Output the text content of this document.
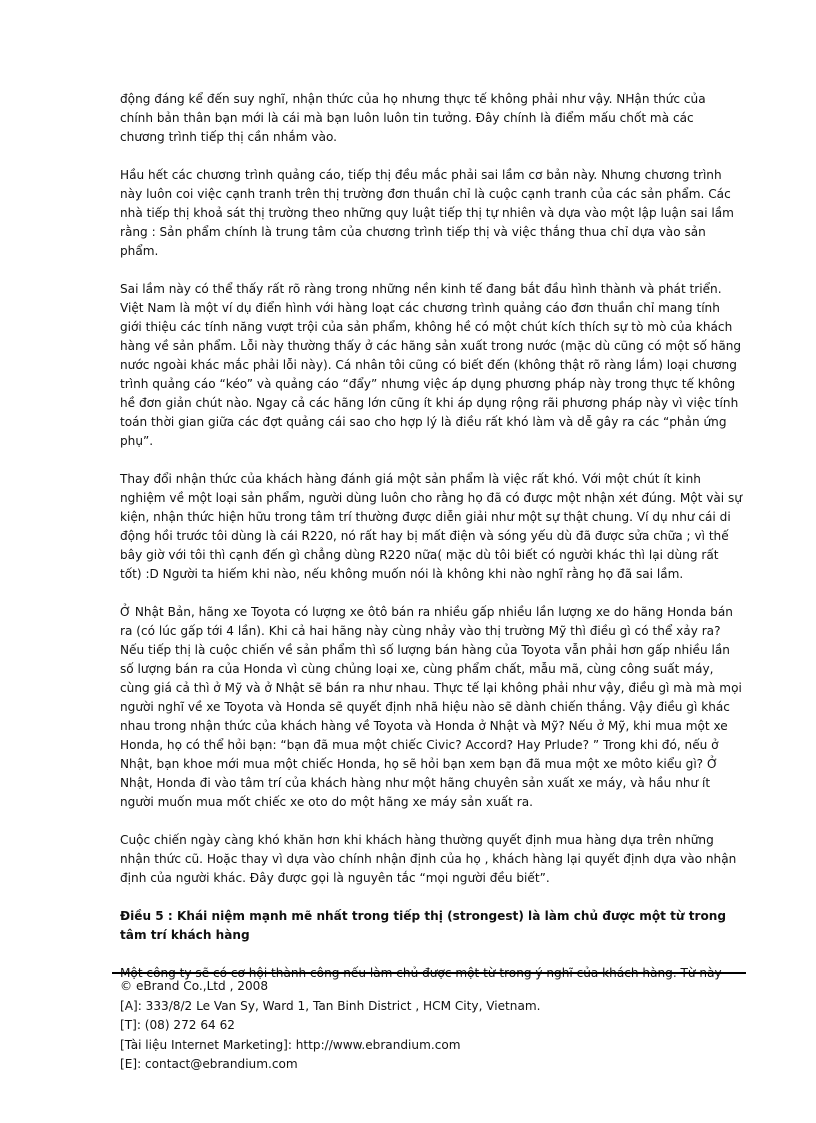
động đáng kể đến suy nghĩ, nhận thức của họ nhưng thực tế không phải như vậy. NHận thức của chính bản thân bạn mới là cái mà bạn luôn luôn tin tưởng. Đây chính là điểm mấu chốt mà các chương trình tiếp thị cần nhắm vào.

Hầu hết các chương trình quảng cáo, tiếp thị đều mắc phải sai lầm cơ bản này. Nhưng chương trình này luôn coi việc cạnh tranh trên thị trường đơn thuần chỉ là cuộc cạnh tranh của các sản phẩm. Các nhà tiếp thị khoả sát thị trường theo những quy luật tiếp thị tự nhiên và dựa vào một lập luận sai lầm rằng : Sản phẩm chính là trung tâm của chương trình tiếp thị và việc thắng thua chỉ dựa vào sản phẩm.

Sai lầm này có thể thấy rất rõ ràng trong những nền kinh tế đang bắt đầu hình thành và phát triển. Việt Nam là một ví dụ điển hình với hàng loạt các chương trình quảng cáo đơn thuần chỉ mang tính giới thiệu các tính năng vượt trội của sản phẩm, không hề có một chút kích thích sự tò mò của khách hàng về sản phẩm. Lỗi này thường thấy ở các hãng sản xuất trong nước (mặc dù cũng có một số hãng nước ngoài khác mắc phải lỗi này). Cá nhân tôi cũng có biết đến (không thật rõ ràng lắm) loại chương trình quảng cáo “kéo” và quảng cáo “đẩy” nhưng việc áp dụng phương pháp này trong thực tế không hề đơn giản chút nào. Ngay cả các hãng lớn cũng ít khi áp dụng rộng rãi phương pháp này vì việc tính toán thời gian giữa các đợt quảng cái sao cho hợp lý là điều rất khó làm và dễ gây ra các “phản ứng phụ”.

Thay đổi nhận thức của khách hàng đánh giá một sản phẩm là việc rất khó. Với một chút ít kinh nghiệm về một loại sản phẩm, người dùng luôn cho rằng họ đã có được một nhận xét đúng. Một vài sự kiện, nhận thức hiện hữu trong tâm trí thường được diễn giải như một sự thật chung. Ví dụ như cái di động hồi trước tôi dùng là cái R220, nó rất hay bị mất điện và sóng yếu dù đã được sửa chữa ; vì thế bây giờ với tôi thì cạnh đến gì chẳng dùng R220 nữa( mặc dù tôi biết có người khác thì lại dùng rất tốt) :D Người ta hiếm khi nào, nếu không muốn nói là không khi nào nghĩ rằng họ đã sai lầm.

Ở Nhật Bản, hãng xe Toyota có lượng xe ôtô bán ra nhiều gấp nhiều lần lượng xe do hãng Honda bán ra (có lúc gấp tới 4 lần). Khi cả hai hãng này cùng nhảy vào thị trường Mỹ thì điều gì có thể xảy ra? Nếu tiếp thị là cuộc chiến về sản phẩm thì số lượng bán hàng của Toyota vẫn phải hơn gấp nhiều lần số lượng bán ra của Honda vì cùng chủng loại xe, cùng phẩm chất, mẫu mã, cùng công suất máy, cùng giá cả thì ở Mỹ và ở Nhật sẽ bán ra như nhau. Thực tế lại không phải như vậy, điều gì mà mà mọi người nghĩ về xe Toyota và Honda sẽ quyết định nhã hiệu nào sẽ dành chiến thắng. Vậy điều gì khác nhau trong nhận thức của khách hàng về Toyota và Honda ở Nhật và Mỹ? Nếu ở Mỹ, khi mua một xe Honda, họ có thể hỏi bạn: “bạn đã mua một chiếc Civic? Accord? Hay Prlude? ” Trong khi đó, nếu ở Nhật, bạn khoe mới mua một chiếc Honda, họ sẽ hỏi bạn xem bạn đã mua một xe môto kiểu gì? Ở Nhật, Honda đi vào tâm trí của khách hàng như một hãng chuyên sản xuất xe máy, và hầu như ít người muốn mua mốt chiếc xe oto do một hãng xe máy sản xuất ra.

Cuộc chiến ngày càng khó khăn hơn khi khách hàng thường quyết định mua hàng dựa trên những nhận thức cũ. Hoặc thay vì dựa vào chính nhận định của họ , khách hàng lại quyết định dựa vào nhận định của người khác. Đây được gọi là nguyên tắc “mọi người đều biết”.

Điều 5 : Khái niệm mạnh mẽ nhất trong tiếp thị (strongest) là làm chủ được một từ trong tâm trí khách hàng

Một công ty sẽ có cơ hội thành công nếu làm chủ được một từ trong ý nghĩ của khách hàng. Từ này

© eBrand Co.,Ltd , 2008
[A]: 333/8/2 Le Van Sy, Ward 1, Tan Binh District , HCM City, Vietnam.
[T]: (08) 272 64 62
[Tài liệu Internet Marketing]: http://www.ebrandium.com
[E]: contact@ebrandium.com
